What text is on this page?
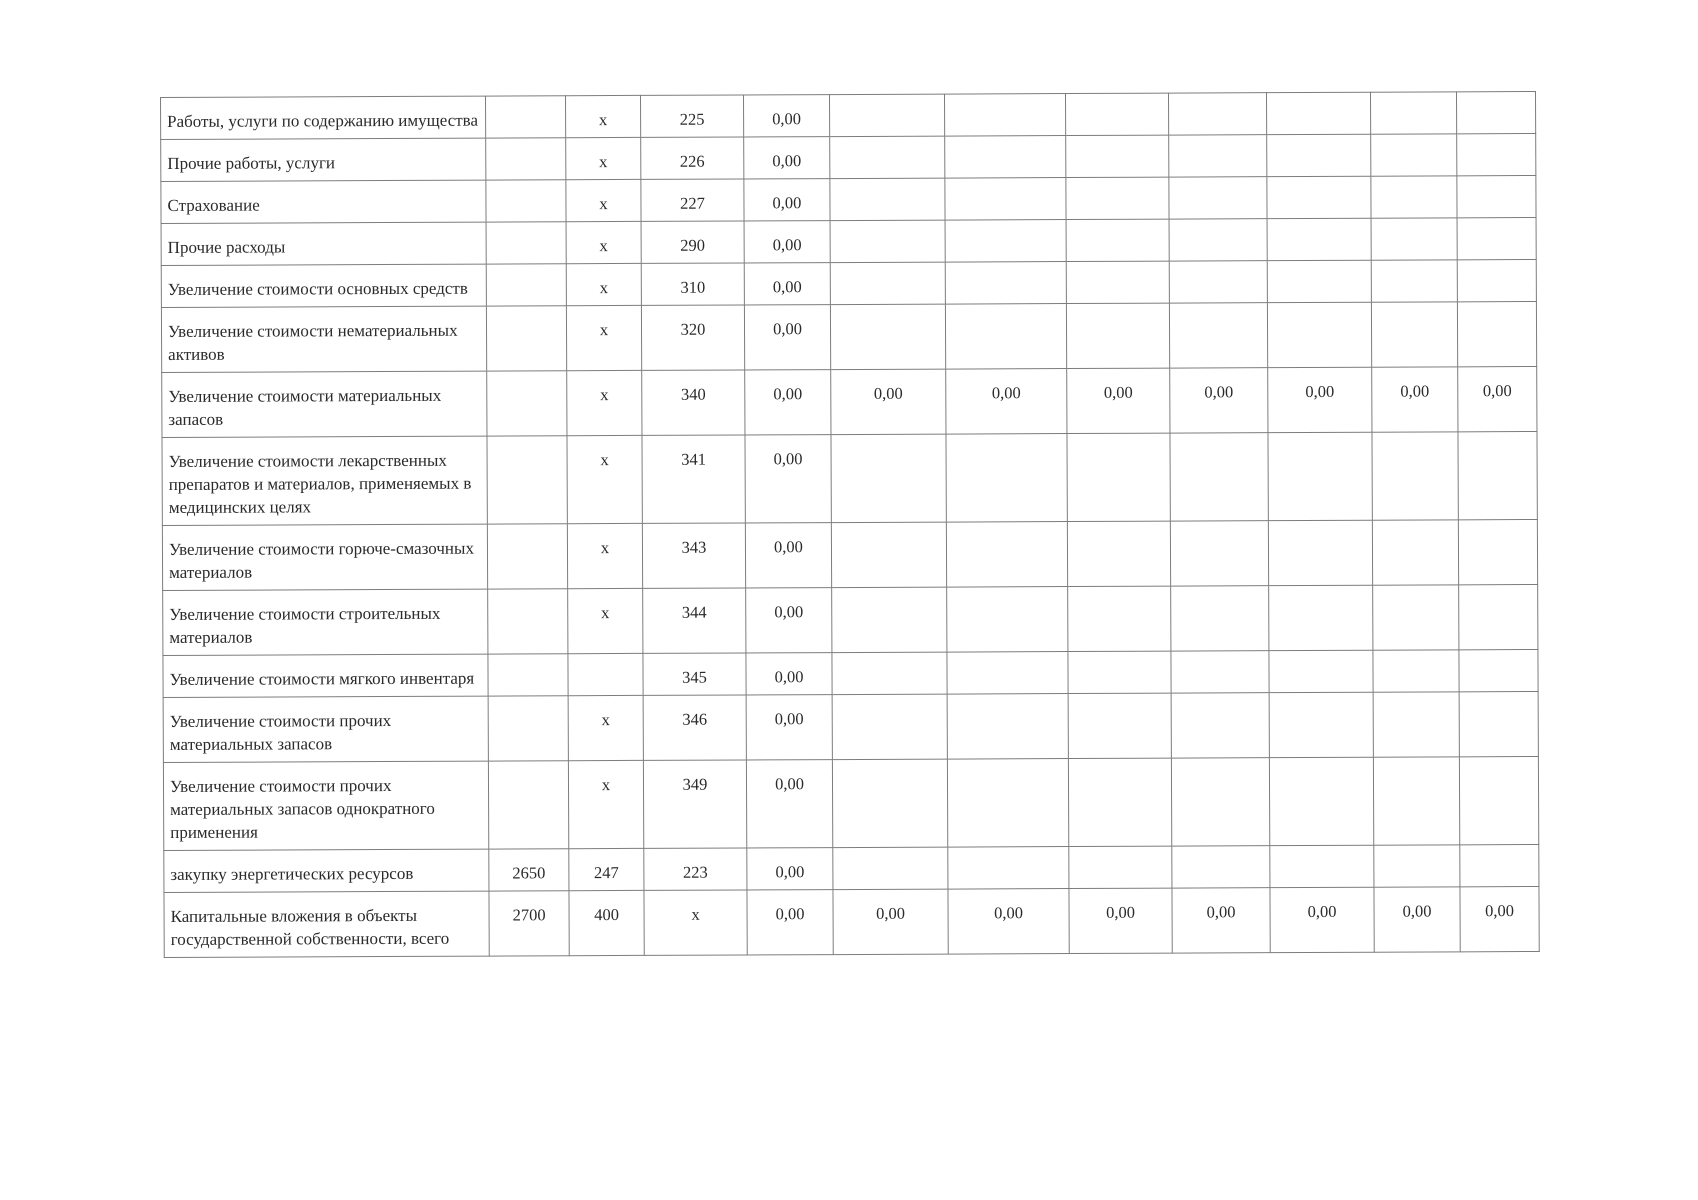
Работы, услуги по содержанию имущества		х	225	0,00							
Прочие работы, услуги		х	226	0,00							
Страхование		х	227	0,00							
Прочие расходы		х	290	0,00							
Увеличение стоимости основных средств		х	310	0,00							
Увеличение стоимости нематериальных активов		х	320	0,00							
Увеличение стоимости материальных запасов		х	340	0,00	0,00	0,00	0,00	0,00	0,00	0,00	0,00
Увеличение стоимости лекарственных препаратов и материалов, применяемых в медицинских целях		х	341	0,00							
Увеличение стоимости горюче-смазочных материалов		х	343	0,00							
Увеличение стоимости строительных материалов		х	344	0,00							
Увеличение стоимости мягкого инвентаря			345	0,00							
Увеличение стоимости прочих материальных запасов		х	346	0,00							
Увеличение стоимости прочих материальных запасов однократного применения		х	349	0,00							
закупку энергетических ресурсов	2650	247	223	0,00							
Капитальные вложения в объекты государственной собственности, всего	2700	400	х	0,00	0,00	0,00	0,00	0,00	0,00	0,00	0,00
